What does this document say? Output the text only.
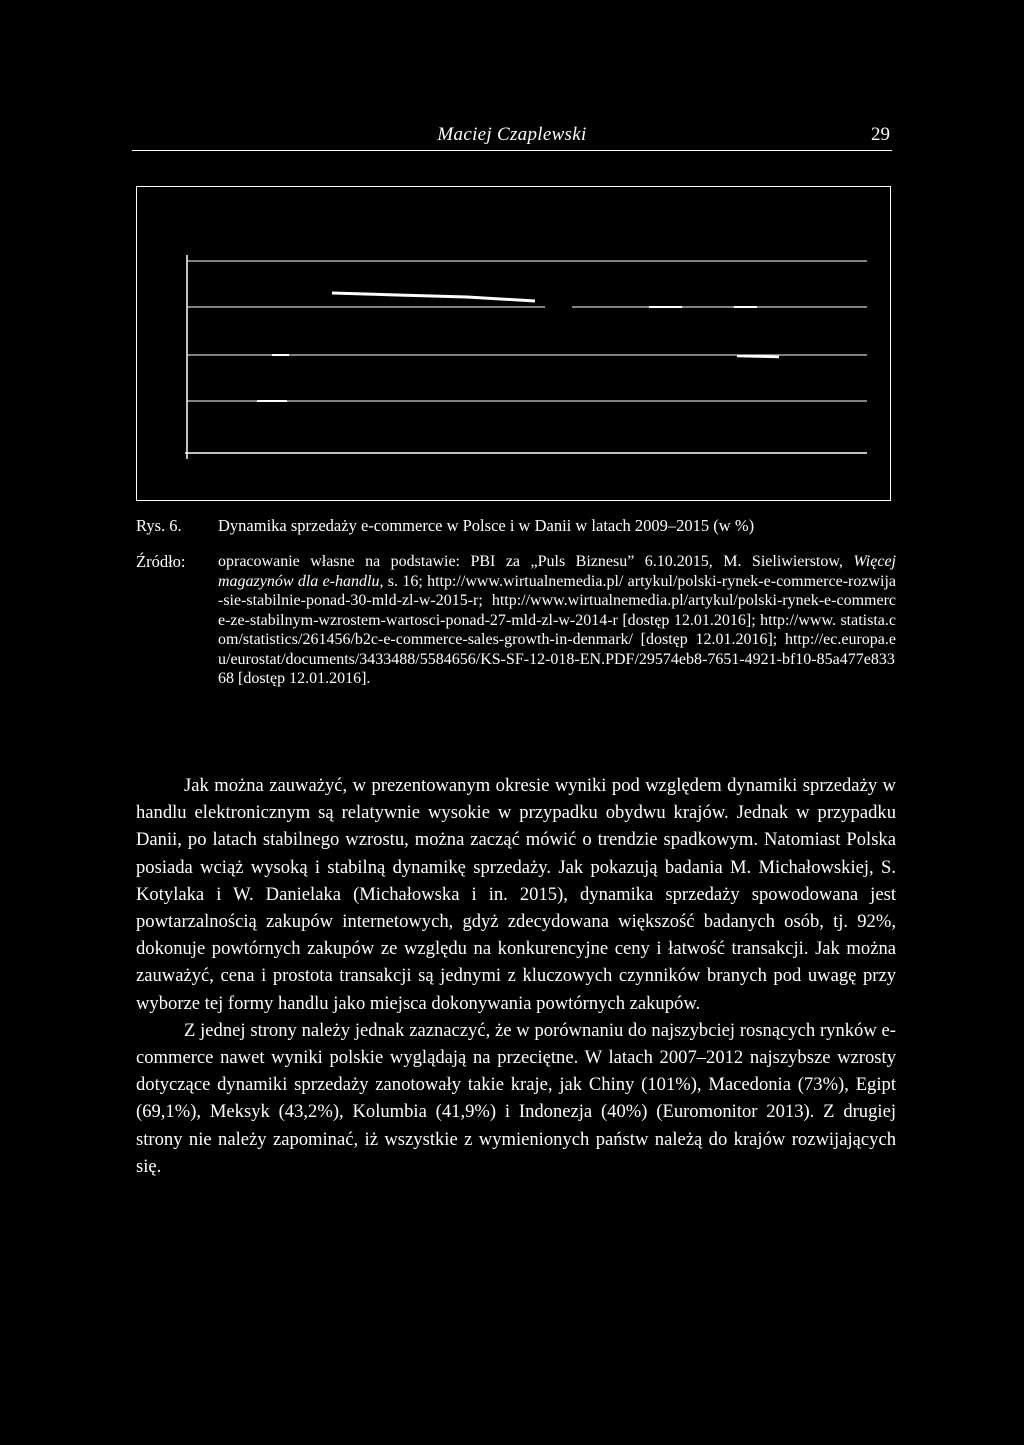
Maciej Czaplewski	29
Rys. 6.	Dynamika sprzedaży e-commerce w Polsce i w Danii w latach 2009–2015 (w %)
Źródło:	opracowanie własne na podstawie: PBI za „Puls Biznesu” 6.10.2015, M. Sieliwierstow, Więcej magazynów dla e-handlu, s. 16; http://www.wirtualnemedia.pl/ artykul/polski-rynek-e-commerce-rozwija-sie-stabilnie-ponad-30-mld-zl-w-2015-r; http://www.wirtualnemedia.pl/artykul/polski-rynek-e-commerce-ze-stabilnym-wzrostem-wartosci-ponad-27-mld-zl-w-2014-r [dostęp 12.01.2016]; http://www. statista.com/statistics/261456/b2c-e-commerce-sales-growth-in-denmark/ [dostęp 12.01.2016]; http://ec.europa.eu/eurostat/documents/3433488/5584656/KS-SF-12-018-EN.PDF/29574eb8-7651-4921-bf10-85a477e83368 [dostęp 12.01.2016].

Jak można zauważyć, w prezentowanym okresie wyniki pod względem dynamiki sprzedaży w handlu elektronicznym są relatywnie wysokie w przypadku obydwu krajów. Jednak w przypadku Danii, po latach stabilnego wzrostu, można zacząć mówić o trendzie spadkowym. Natomiast Polska posiada wciąż wysoką i stabilną dynamikę sprzedaży. Jak pokazują badania M. Michałowskiej, S. Kotylaka i W. Danielaka (Michałowska i in. 2015), dynamika sprzedaży spowodowana jest powtarzalnością zakupów internetowych, gdyż zdecydowana większość badanych osób, tj. 92%, dokonuje powtórnych zakupów ze względu na konkurencyjne ceny i łatwość transakcji. Jak można zauważyć, cena i prostota transakcji są jednymi z kluczowych czynników branych pod uwagę przy wyborze tej formy handlu jako miejsca dokonywania powtórnych zakupów.

Z jednej strony należy jednak zaznaczyć, że w porównaniu do najszybciej rosnących rynków e-commerce nawet wyniki polskie wyglądają na przeciętne. W latach 2007–2012 najszybsze wzrosty dotyczące dynamiki sprzedaży zanotowały takie kraje, jak Chiny (101%), Macedonia (73%), Egipt (69,1%), Meksyk (43,2%), Kolumbia (41,9%) i Indonezja (40%) (Euromonitor 2013). Z drugiej strony nie należy zapominać, iż wszystkie z wymienionych państw należą do krajów rozwijających się.
